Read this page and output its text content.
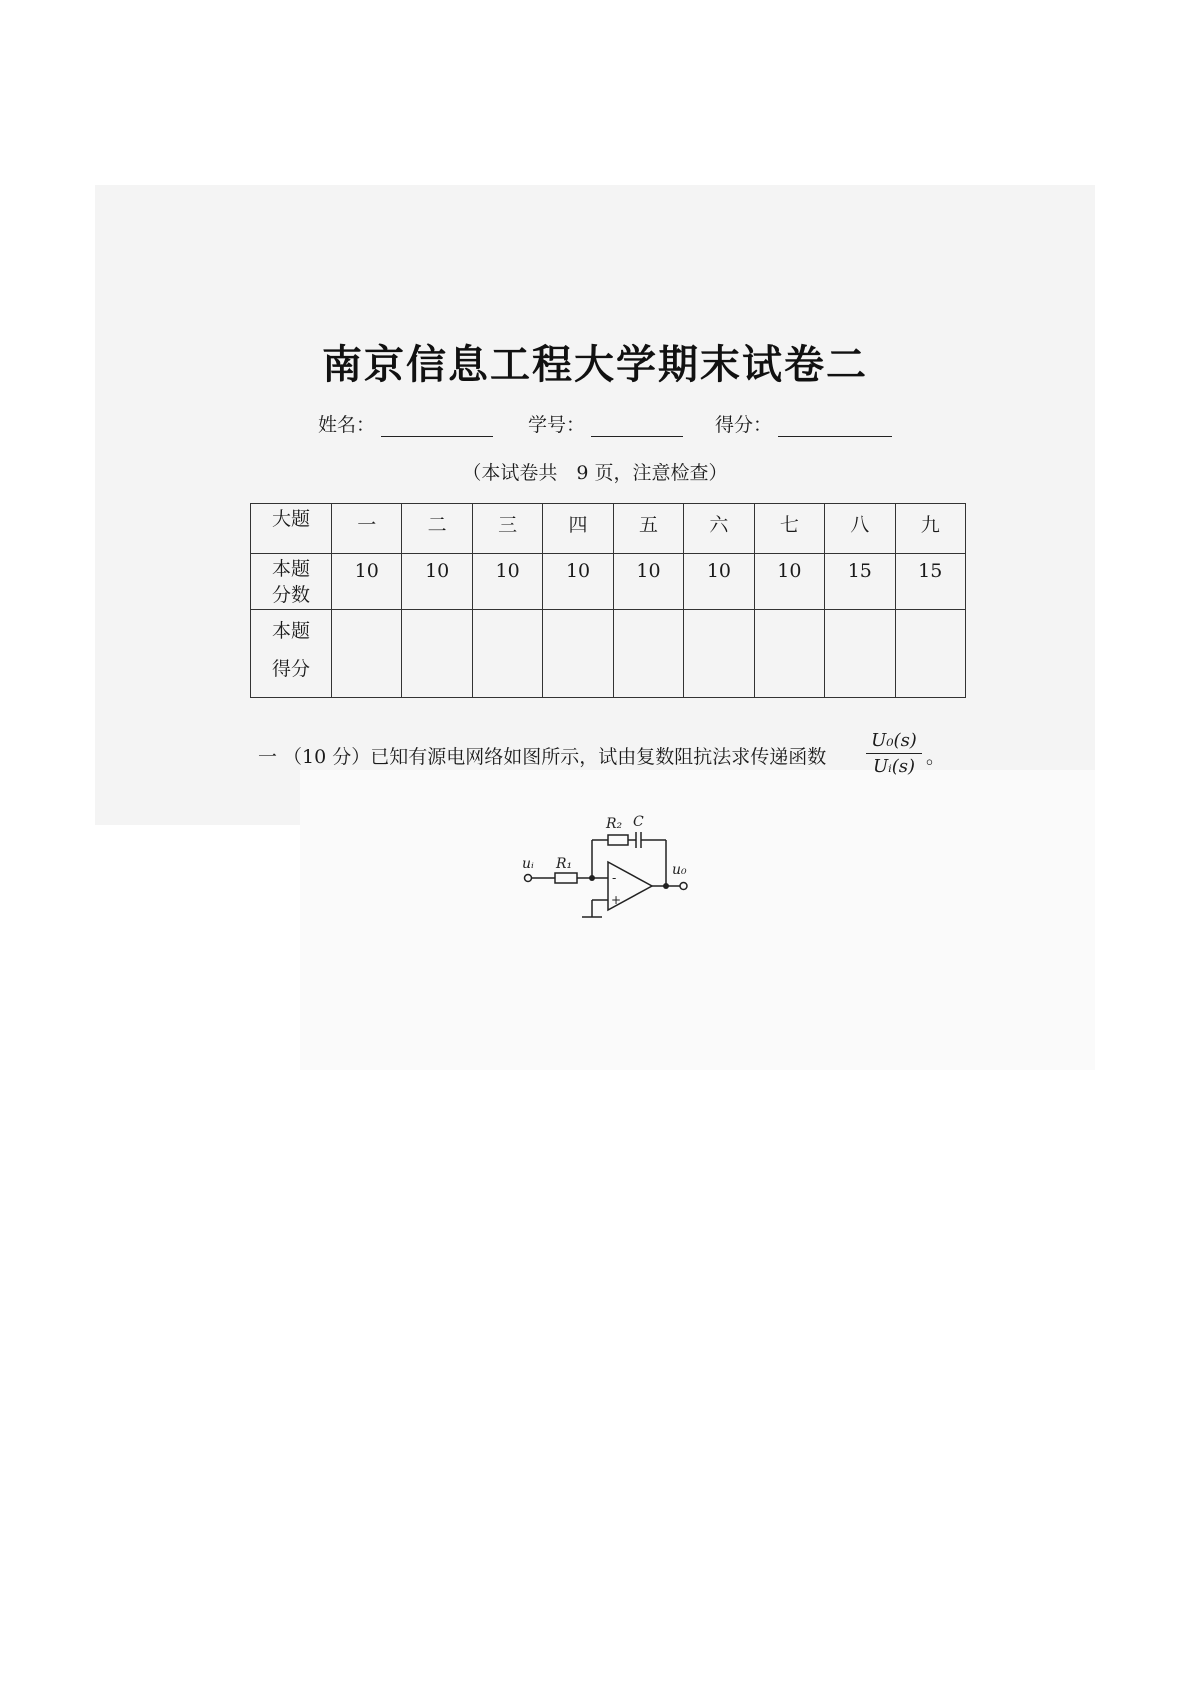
南京信息工程大学期末试卷二
姓名：	学号：	得分：
（本试卷共　9 页，注意检查）
大题	一	二	三	四	五	六	七	八	九

本题
分数	10	10	10	10	10	10	10	15	15

本题
得分									

一 （10 分）已知有源电网络如图所示，试由复数阻抗法求传递函数 $\frac{\text{U₀(s)}}{\text{Uᵢ(s)}}$ 。
uᵢ R₁
R₂ C
u₀
-
+
